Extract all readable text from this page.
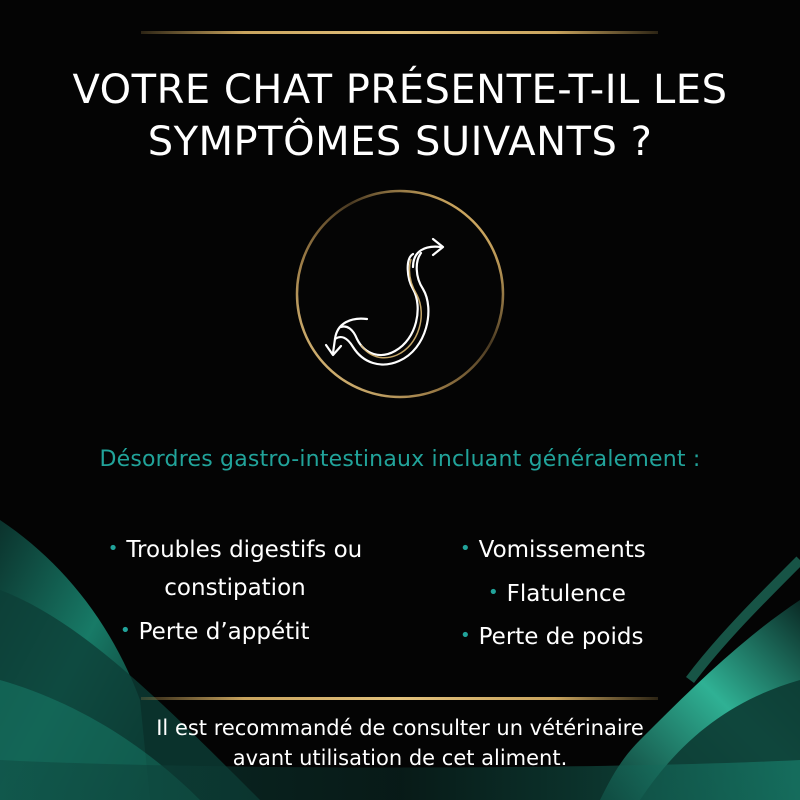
VOTRE CHAT PRÉSENTE-T-IL LES
SYMPTÔMES SUIVANTS ?
Désordres gastro-intestinaux incluant généralement :
• Troubles digestifs ou
constipation
• Perte d’appétit
• Vomissements
• Flatulence
• Perte de poids
Il est recommandé de consulter un vétérinaire
avant utilisation de cet aliment.
